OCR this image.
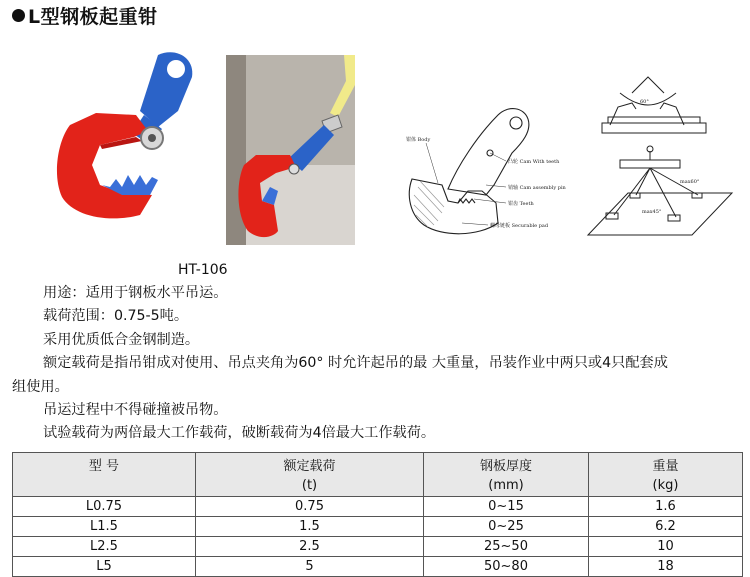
L型钢板起重钳
钳体 Body
凸轮 Cam With teeth
销轴 Cam assembly pin
钳齿 Teeth
螺母链板 Securable pad
60°
max60°
max45°
HT-106

用途：适用于钢板水平吊运。

载荷范围：0.75-5吨。

采用优质低合金钢制造。

额定载荷是指吊钳成对使用、吊点夹角为60° 时允许起吊的最 大重量，吊装作业中两只或4只配套成

组使用。

吊运过程中不得碰撞被吊物。

试验载荷为两倍最大工作载荷，破断载荷为4倍最大工作载荷。

型 号	额定载荷	钢板厚度	重量
	(t)	(mm)	(kg)
L0.75	0.75	0~15	1.6
L1.5	1.5	0~25	6.2
L2.5	2.5	25~50	10
L5	5	50~80	18
